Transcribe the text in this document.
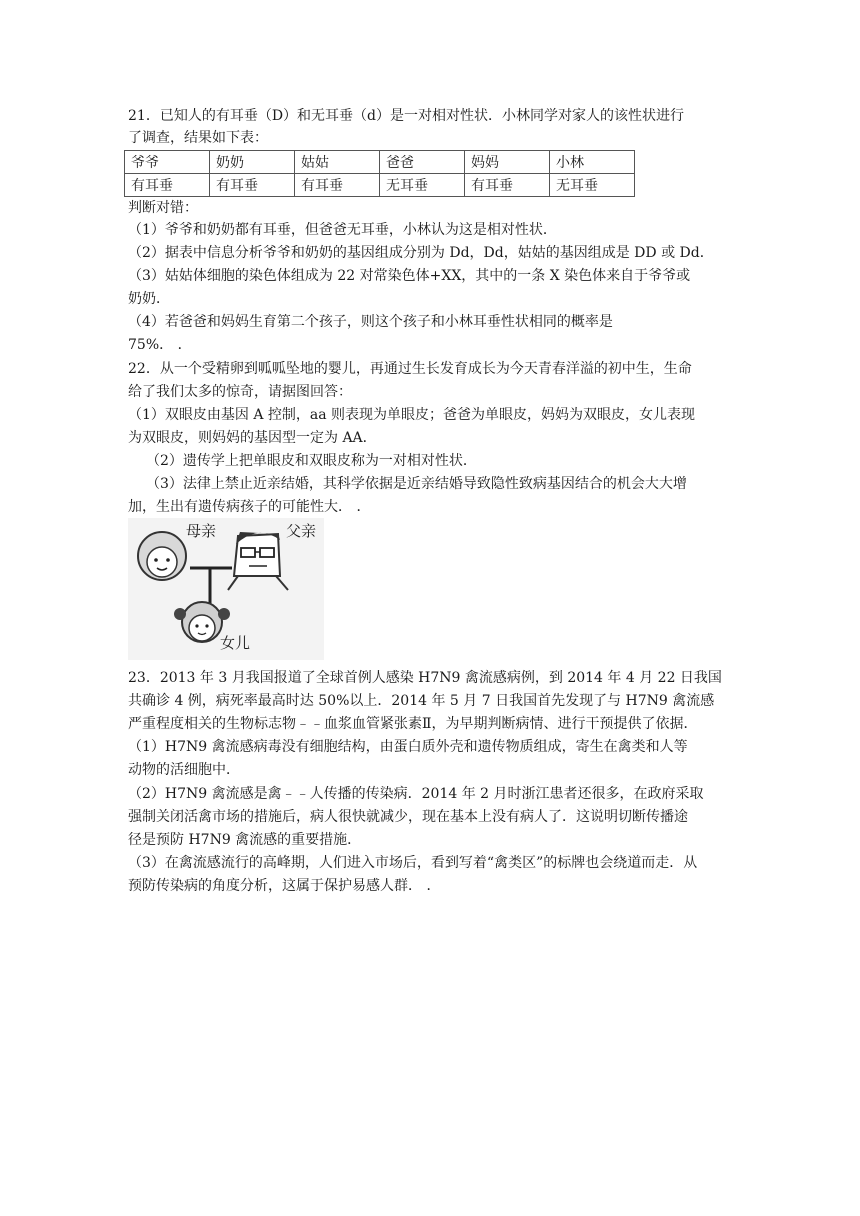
21．已知人的有耳垂（D）和无耳垂（d）是一对相对性状．小林同学对家人的该性状进行
了调查，结果如下表：
爷爷	奶奶	姑姑	爸爸	妈妈	小林
有耳垂	有耳垂	有耳垂	无耳垂	有耳垂	无耳垂
判断对错：
（1）爷爷和奶奶都有耳垂，但爸爸无耳垂，小林认为这是相对性状．
（2）据表中信息分析爷爷和奶奶的基因组成分别为 Dd，Dd，姑姑的基因组成是 DD 或 Dd．
（3）姑姑体细胞的染色体组成为 22 对常染色体+XX，其中的一条 X 染色体来自于爷爷或
奶奶．
（4）若爸爸和妈妈生育第二个孩子，则这个孩子和小林耳垂性状相同的概率是
75%． ．
22．从一个受精卵到呱呱坠地的婴儿，再通过生长发育成长为今天青春洋溢的初中生，生命
给了我们太多的惊奇，请据图回答：
（1）双眼皮由基因 A 控制，aa 则表现为单眼皮；爸爸为单眼皮，妈妈为双眼皮，女儿表现
为双眼皮，则妈妈的基因型一定为 AA．
（2）遗传学上把单眼皮和双眼皮称为一对相对性状．
（3）法律上禁止近亲结婚，其科学依据是近亲结婚导致隐性致病基因结合的机会大大增
加，生出有遗传病孩子的可能性大． ．
母亲	父亲
女儿
23．2013 年 3 月我国报道了全球首例人感染 H7N9 禽流感病例，到 2014 年 4 月 22 日我国
共确诊 4 例，病死率最高时达 50%以上．2014 年 5 月 7 日我国首先发现了与 H7N9 禽流感
严重程度相关的生物标志物﹣﹣血浆血管紧张素Ⅱ，为早期判断病情、进行干预提供了依据．
（1）H7N9 禽流感病毒没有细胞结构，由蛋白质外壳和遗传物质组成，寄生在禽类和人等
动物的活细胞中．
（2）H7N9 禽流感是禽﹣﹣人传播的传染病．2014 年 2 月时浙江患者还很多，在政府采取
强制关闭活禽市场的措施后，病人很快就减少，现在基本上没有病人了．这说明切断传播途
径是预防 H7N9 禽流感的重要措施．
（3）在禽流感流行的高峰期，人们进入市场后，看到写着“禽类区”的标牌也会绕道而走．从
预防传染病的角度分析，这属于保护易感人群． ．
